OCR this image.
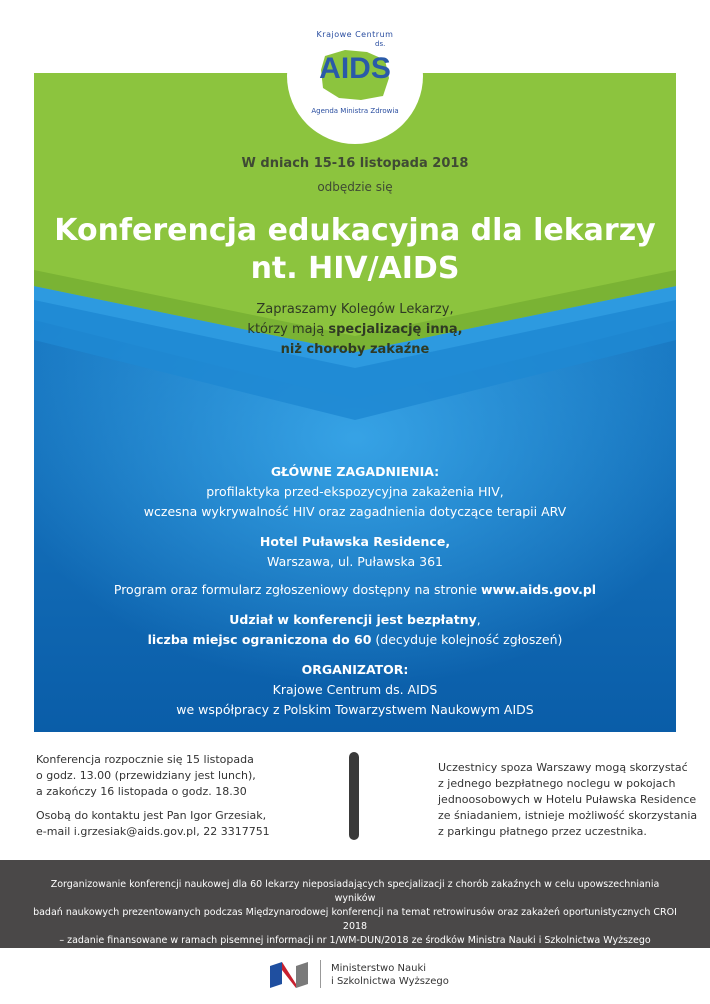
Krajowe Centrum
ds.
AIDS
Agenda Ministra Zdrowia
W dniach 15-16 listopada 2018
odbędzie się
Konferencja edukacyjna dla lekarzy
nt. HIV/AIDS
Zapraszamy Kolegów Lekarzy,
którzy mają specjalizację inną,
niż choroby zakaźne
GŁÓWNE ZAGADNIENIA:
profilaktyka przed-ekspozycyjna zakażenia HIV,
wczesna wykrywalność HIV oraz zagadnienia dotyczące terapii ARV
Hotel Puławska Residence,
Warszawa, ul. Puławska 361
Program oraz formularz zgłoszeniowy dostępny na stronie www.aids.gov.pl
Udział w konferencji jest bezpłatny,
liczba miejsc ograniczona do 60 (decyduje kolejność zgłoszeń)
ORGANIZATOR:
Krajowe Centrum ds. AIDS
we współpracy z Polskim Towarzystwem Naukowym AIDS
Konferencja rozpocznie się 15 listopada
o godz. 13.00 (przewidziany jest lunch),
a zakończy 16 listopada o godz. 18.30
Osobą do kontaktu jest Pan Igor Grzesiak,
e-mail i.grzesiak@aids.gov.pl, 22 3317751
Uczestnicy spoza Warszawy mogą skorzystać
z jednego bezpłatnego noclegu w pokojach
jednoosobowych w Hotelu Puławska Residence
ze śniadaniem, istnieje możliwość skorzystania
z parkingu płatnego przez uczestnika.
Zorganizowanie konferencji naukowej dla 60 lekarzy nieposiadających specjalizacji z chorób zakaźnych w celu upowszechniania wyników
badań naukowych prezentowanych podczas Międzynarodowej konferencji na temat retrowirusów oraz zakażeń oportunistycznych CROI 2018
– zadanie finansowane w ramach pisemnej informacji nr 1/WM-DUN/2018 ze środków Ministra Nauki i Szkolnictwa Wyższego
przeznaczonych na działalność upowszechniającą naukę.
Ministerstwo Nauki
i Szkolnictwa Wyższego
